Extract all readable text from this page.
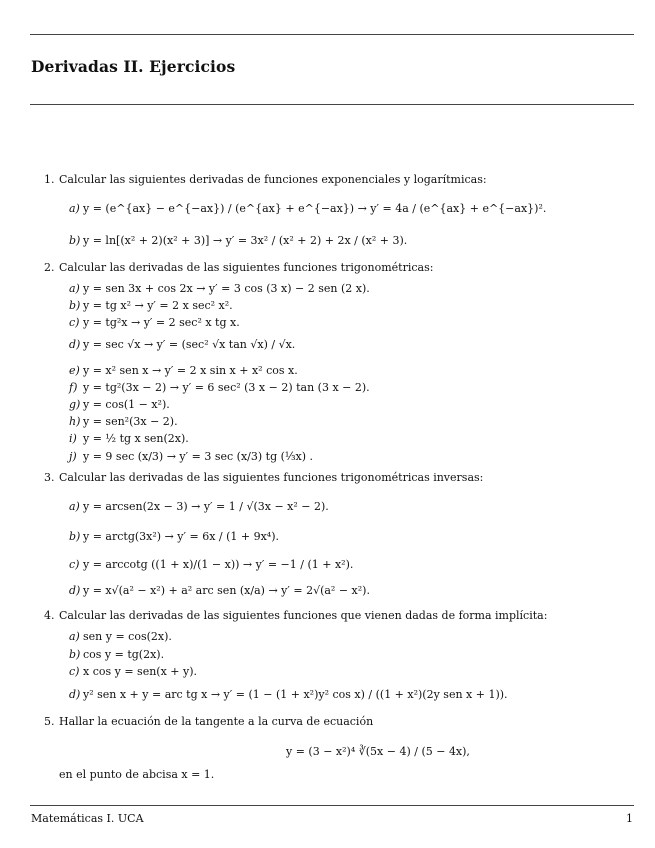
Derivadas II. Ejercicios
1. Calcular las siguientes derivadas de funciones exponenciales y logarítmicas:
a) y = (e^{ax} − e^{−ax}) / (e^{ax} + e^{−ax}) → y′ = 4a / (e^{ax} + e^{−ax})².
b) y = ln[(x² + 2)(x² + 3)] → y′ = 3x² / (x² + 2) + 2x / (x² + 3).
2. Calcular las derivadas de las siguientes funciones trigonométricas:
a) y = sen 3x + cos 2x → y′ = 3 cos (3 x) − 2 sen (2 x).
b) y = tg x² → y′ = 2 x sec² x².
c) y = tg²x → y′ = 2 sec² x tg x.
d) y = sec √x → y′ = (sec² √x tan √x) / √x.
e) y = x² sen x → y′ = 2 x sin x + x² cos x.
f) y = tg²(3x − 2) → y′ = 6 sec² (3 x − 2) tan (3 x − 2).
g) y = cos(1 − x²).
h) y = sen²(3x − 2).
i) y = ½ tg x sen(2x).
j) y = 9 sec (x/3) → y′ = 3 sec (x/3) tg (⅓x) .
3. Calcular las derivadas de las siguientes funciones trigonométricas inversas:
a) y = arcsen(2x − 3) → y′ = 1 / √(3x − x² − 2).
b) y = arctg(3x²) → y′ = 6x / (1 + 9x⁴).
c) y = arccotg ((1 + x)/(1 − x)) → y′ = −1 / (1 + x²).
d) y = x√(a² − x²) + a² arc sen (x/a) → y′ = 2√(a² − x²).
4. Calcular las derivadas de las siguientes funciones que vienen dadas de forma implícita:
a) sen y = cos(2x).
b) cos y = tg(2x).
c) x cos y = sen(x + y).
d) y² sen x + y = arc tg x → y′ = (1 − (1 + x²)y² cos x) / ((1 + x²)(2y sen x + 1)).
5. Hallar la ecuación de la tangente a la curva de ecuación
y = (3 − x²)⁴ ∛(5x − 4) / (5 − 4x),
en el punto de abcisa x = 1.
Matemáticas I. UCA	1
